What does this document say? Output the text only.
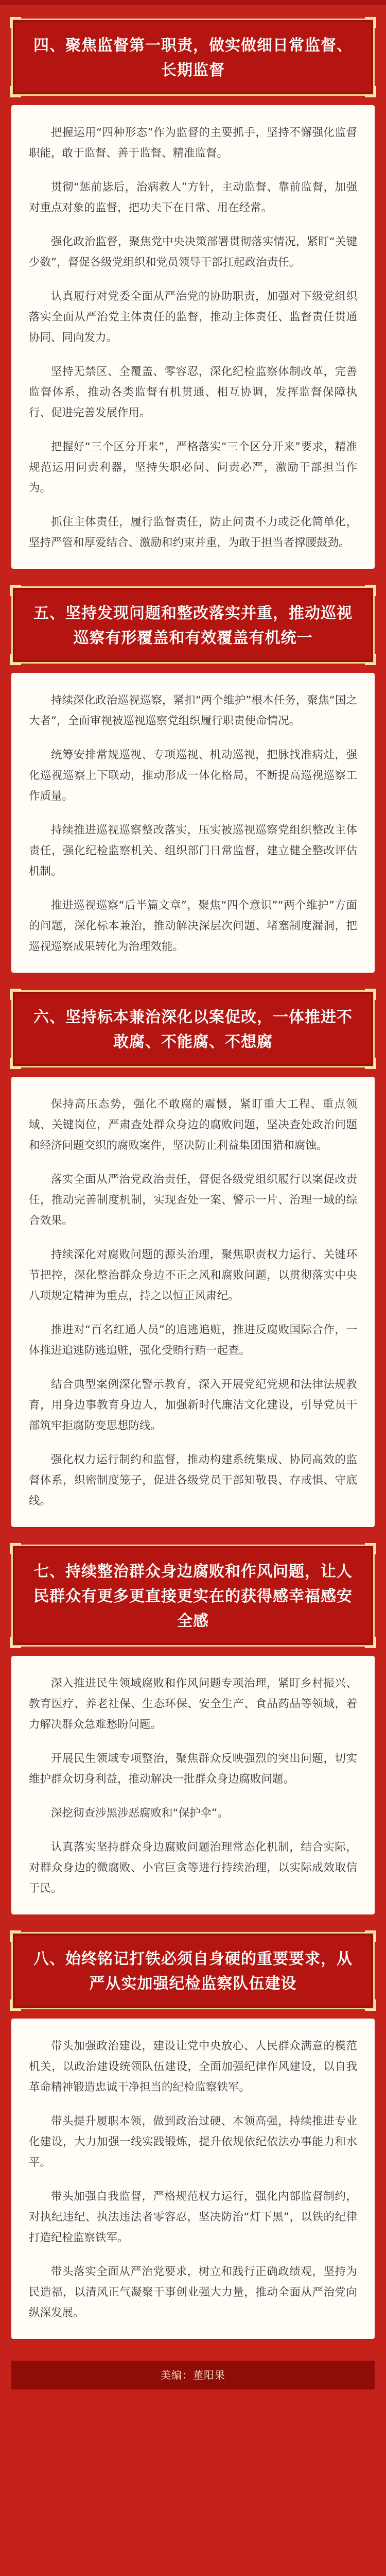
四、聚焦监督第一职责，做实做细日常监督、长期监督

把握运用“四种形态”作为监督的主要抓手，坚持不懈强化监督职能，敢于监督、善于监督、精准监督。

贯彻“惩前毖后，治病救人”方针，主动监督、靠前监督，加强对重点对象的监督，把功夫下在日常、用在经常。

强化政治监督，聚焦党中央决策部署贯彻落实情况，紧盯“关键少数”，督促各级党组织和党员领导干部扛起政治责任。

认真履行对党委全面从严治党的协助职责，加强对下级党组织落实全面从严治党主体责任的监督，推动主体责任、监督责任贯通协同、同向发力。

坚持无禁区、全覆盖、零容忍，深化纪检监察体制改革，完善监督体系，推动各类监督有机贯通、相互协调，发挥监督保障执行、促进完善发展作用。

把握好“三个区分开来”，严格落实“三个区分开来”要求，精准规范运用问责利器，坚持失职必问、问责必严，激励干部担当作为。

抓住主体责任，履行监督责任，防止问责不力或泛化简单化，坚持严管和厚爱结合、激励和约束并重，为敢于担当者撑腰鼓劲。

五、坚持发现问题和整改落实并重，推动巡视巡察有形覆盖和有效覆盖有机统一

持续深化政治巡视巡察，紧扣“两个维护”根本任务，聚焦“国之大者”，全面审视被巡视巡察党组织履行职责使命情况。

统筹安排常规巡视、专项巡视、机动巡视，把脉找准病灶，强化巡视巡察上下联动，推动形成一体化格局，不断提高巡视巡察工作质量。

持续推进巡视巡察整改落实，压实被巡视巡察党组织整改主体责任，强化纪检监察机关、组织部门日常监督，建立健全整改评估机制。

推进巡视巡察“后半篇文章”，聚焦“四个意识”“两个维护”方面的问题，深化标本兼治，推动解决深层次问题、堵塞制度漏洞，把巡视巡察成果转化为治理效能。

六、坚持标本兼治深化以案促改，一体推进不敢腐、不能腐、不想腐

保持高压态势，强化不敢腐的震慑，紧盯重大工程、重点领域、关键岗位，严肃查处群众身边的腐败问题，坚决查处政治问题和经济问题交织的腐败案件，坚决防止利益集团围猎和腐蚀。

落实全面从严治党政治责任，督促各级党组织履行以案促改责任，推动完善制度机制，实现查处一案、警示一片、治理一域的综合效果。

持续深化对腐败问题的源头治理，聚焦职责权力运行、关键环节把控，深化整治群众身边不正之风和腐败问题，以贯彻落实中央八项规定精神为重点，持之以恒正风肃纪。

推进对“百名红通人员”的追逃追赃，推进反腐败国际合作，一体推进追逃防逃追赃，强化受贿行贿一起查。

结合典型案例深化警示教育，深入开展党纪党规和法律法规教育，用身边事教育身边人，加强新时代廉洁文化建设，引导党员干部筑牢拒腐防变思想防线。

强化权力运行制约和监督，推动构建系统集成、协同高效的监督体系，织密制度笼子，促进各级党员干部知敬畏、存戒惧、守底线。

七、持续整治群众身边腐败和作风问题，让人民群众有更多更直接更实在的获得感幸福感安全感

深入推进民生领域腐败和作风问题专项治理，紧盯乡村振兴、教育医疗、养老社保、生态环保、安全生产、食品药品等领域，着力解决群众急难愁盼问题。

开展民生领域专项整治，聚焦群众反映强烈的突出问题，切实维护群众切身利益，推动解决一批群众身边腐败问题。

深挖彻查涉黑涉恶腐败和“保护伞”。

认真落实坚持群众身边腐败问题治理常态化机制，结合实际，对群众身边的微腐败、小官巨贪等进行持续治理，以实际成效取信于民。

八、始终铭记打铁必须自身硬的重要要求，从严从实加强纪检监察队伍建设

带头加强政治建设，建设让党中央放心、人民群众满意的模范机关，以政治建设统领队伍建设，全面加强纪律作风建设，以自我革命精神锻造忠诚干净担当的纪检监察铁军。

带头提升履职本领，做到政治过硬、本领高强，持续推进专业化建设，大力加强一线实践锻炼，提升依规依纪依法办事能力和水平。

带头加强自我监督，严格规范权力运行，强化内部监督制约，对执纪违纪、执法违法者零容忍，坚决防治“灯下黑”，以铁的纪律打造纪检监察铁军。

带头落实全面从严治党要求，树立和践行正确政绩观，坚持为民造福，以清风正气凝聚干事创业强大力量，推动全面从严治党向纵深发展。

美编：董阳果
